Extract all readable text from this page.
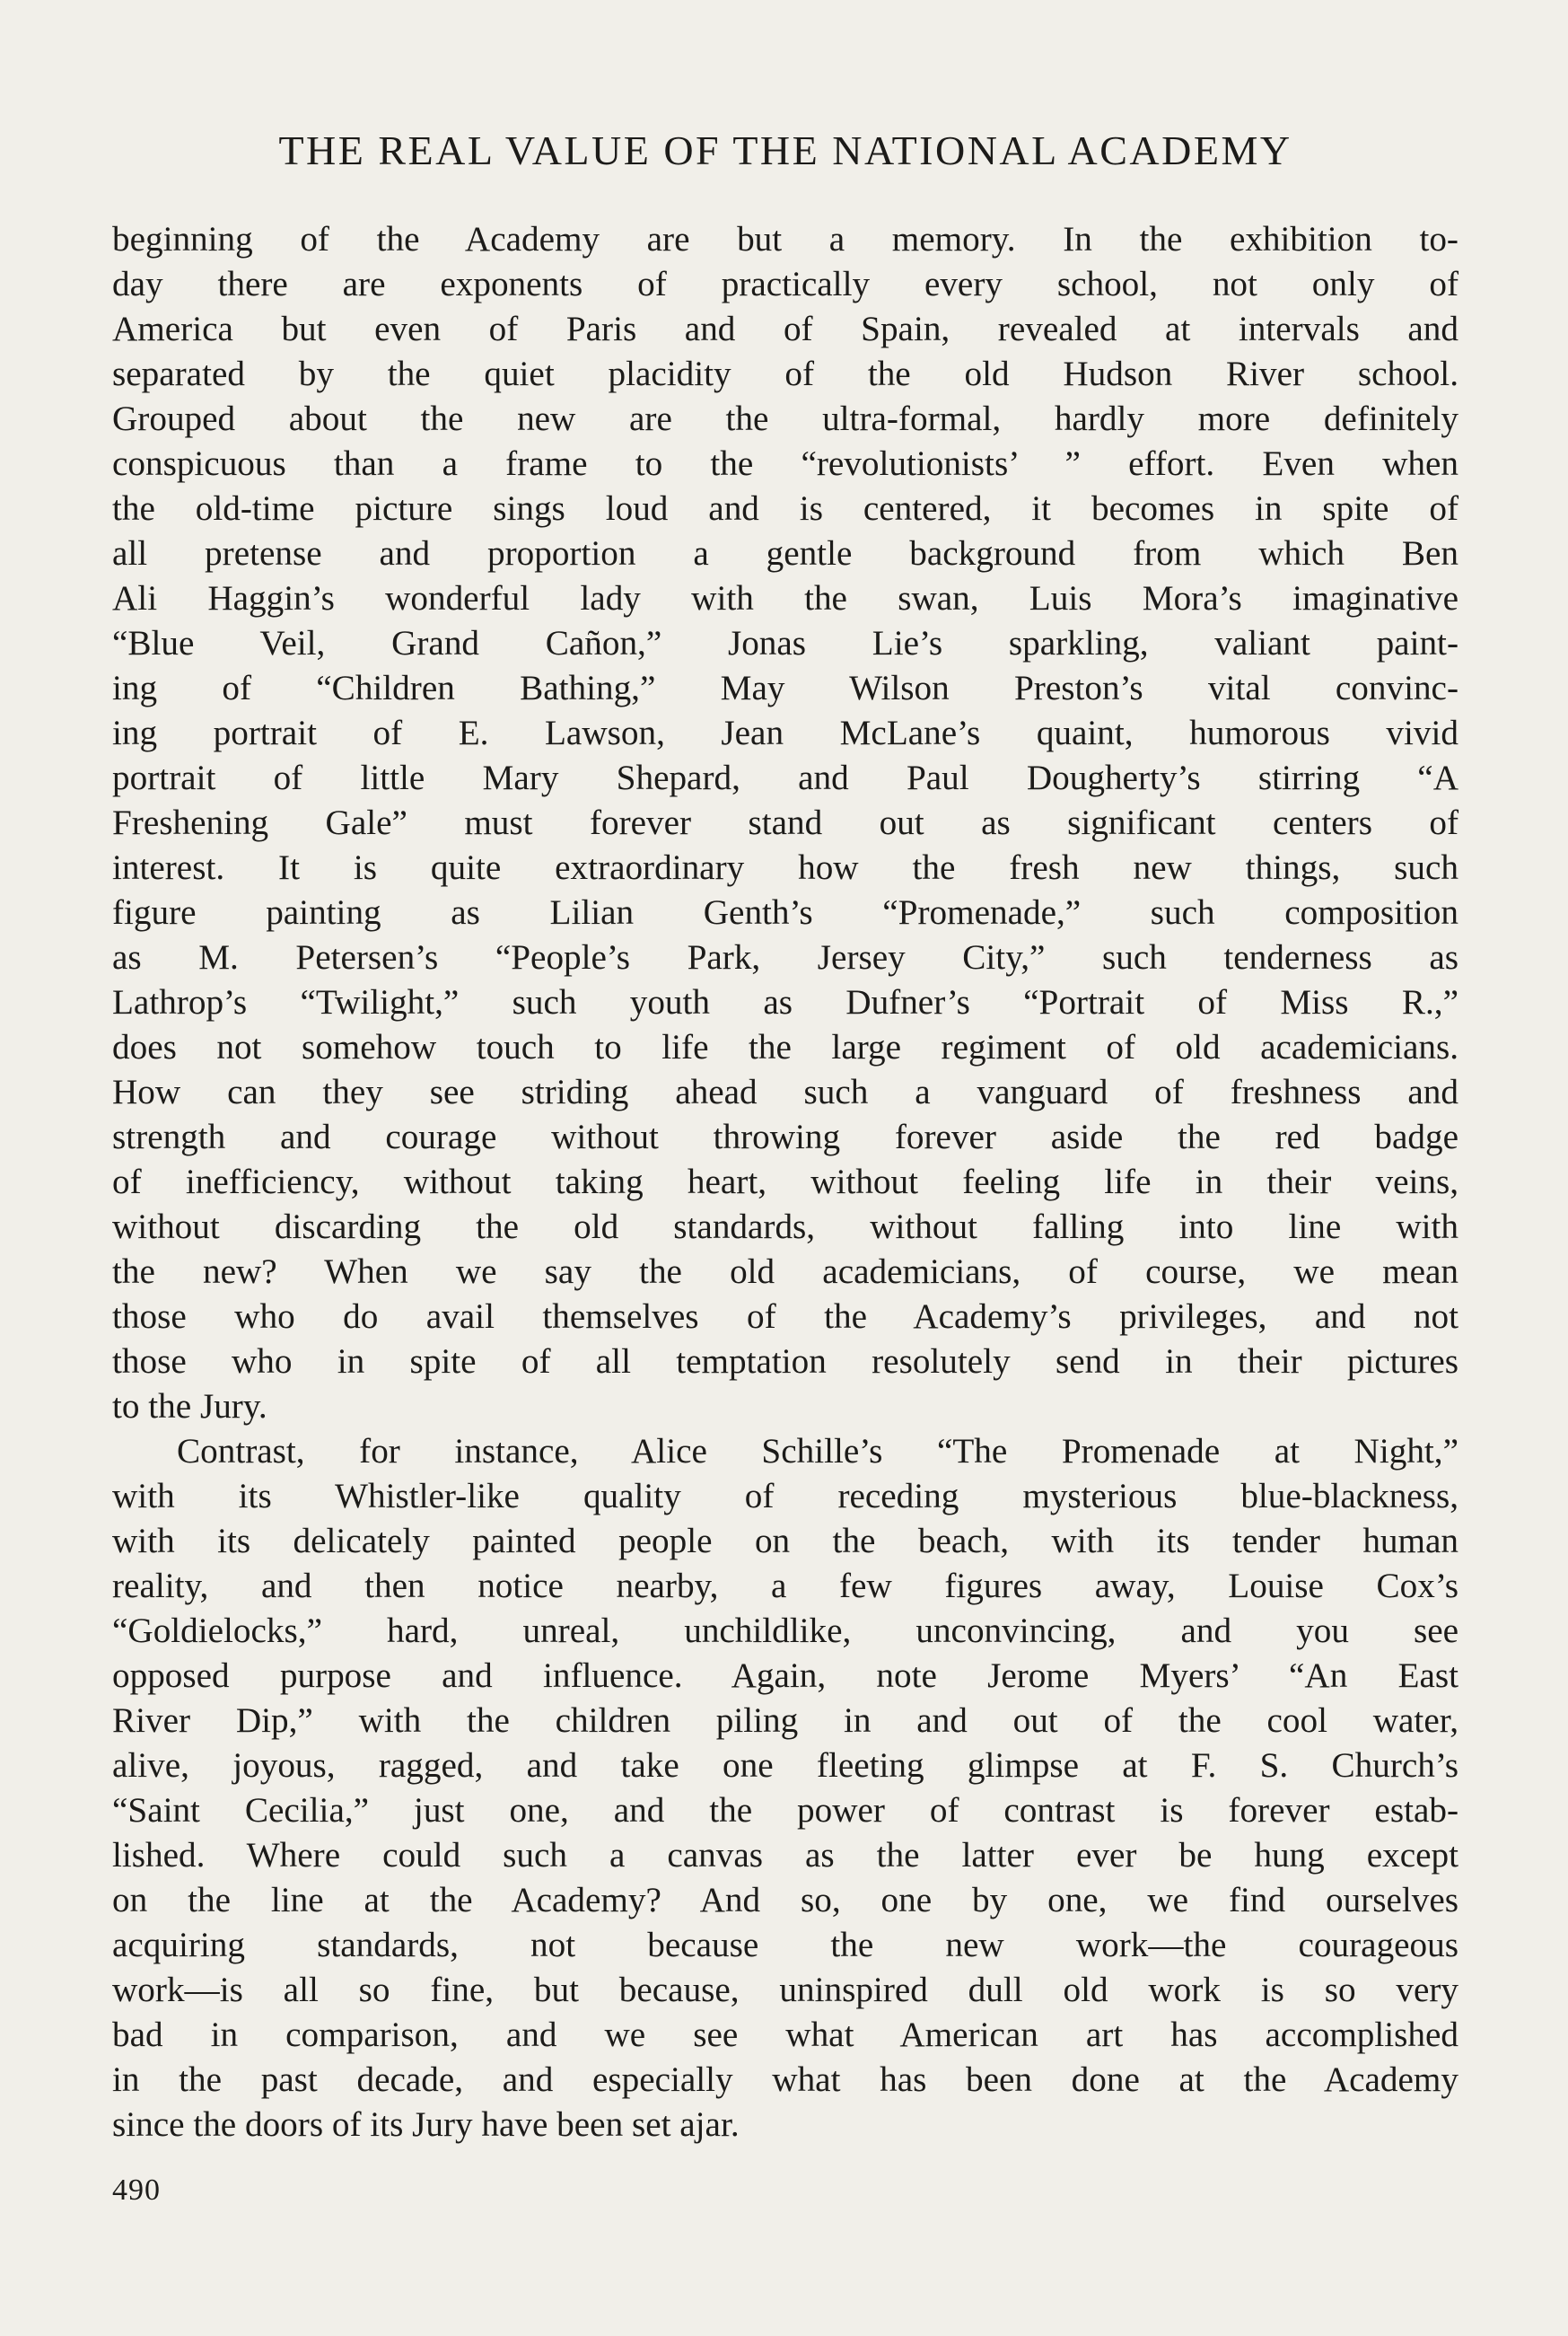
THE REAL VALUE OF THE NATIONAL ACADEMY
beginning of the Academy are but a memory. In the exhibition to-
day there are exponents of practically every school, not only of
America but even of Paris and of Spain, revealed at intervals and
separated by the quiet placidity of the old Hudson River school.
Grouped about the new are the ultra-formal, hardly more definitely
conspicuous than a frame to the “revolutionists’ ” effort. Even when
the old-time picture sings loud and is centered, it becomes in spite of
all pretense and proportion a gentle background from which Ben
Ali Haggin’s wonderful lady with the swan, Luis Mora’s imaginative
“Blue Veil, Grand Cañon,” Jonas Lie’s sparkling, valiant paint-
ing of “Children Bathing,” May Wilson Preston’s vital convinc-
ing portrait of E. Lawson, Jean McLane’s quaint, humorous vivid
portrait of little Mary Shepard, and Paul Dougherty’s stirring “A
Freshening Gale” must forever stand out as significant centers of
interest. It is quite extraordinary how the fresh new things, such
figure painting as Lilian Genth’s “Promenade,” such composition
as M. Petersen’s “People’s Park, Jersey City,” such tenderness as
Lathrop’s “Twilight,” such youth as Dufner’s “Portrait of Miss R.,”
does not somehow touch to life the large regiment of old academicians.
How can they see striding ahead such a vanguard of freshness and
strength and courage without throwing forever aside the red badge
of inefficiency, without taking heart, without feeling life in their veins,
without discarding the old standards, without falling into line with
the new? When we say the old academicians, of course, we mean
those who do avail themselves of the Academy’s privileges, and not
those who in spite of all temptation resolutely send in their pictures
to the Jury.
Contrast, for instance, Alice Schille’s “The Promenade at Night,”
with its Whistler-like quality of receding mysterious blue-blackness,
with its delicately painted people on the beach, with its tender human
reality, and then notice nearby, a few figures away, Louise Cox’s
“Goldielocks,” hard, unreal, unchildlike, unconvincing, and you see
opposed purpose and influence. Again, note Jerome Myers’ “An East
River Dip,” with the children piling in and out of the cool water,
alive, joyous, ragged, and take one fleeting glimpse at F. S. Church’s
“Saint Cecilia,” just one, and the power of contrast is forever estab-
lished. Where could such a canvas as the latter ever be hung except
on the line at the Academy? And so, one by one, we find ourselves
acquiring standards, not because the new work—the courageous
work—is all so fine, but because, uninspired dull old work is so very
bad in comparison, and we see what American art has accomplished
in the past decade, and especially what has been done at the Academy
since the doors of its Jury have been set ajar.
490
